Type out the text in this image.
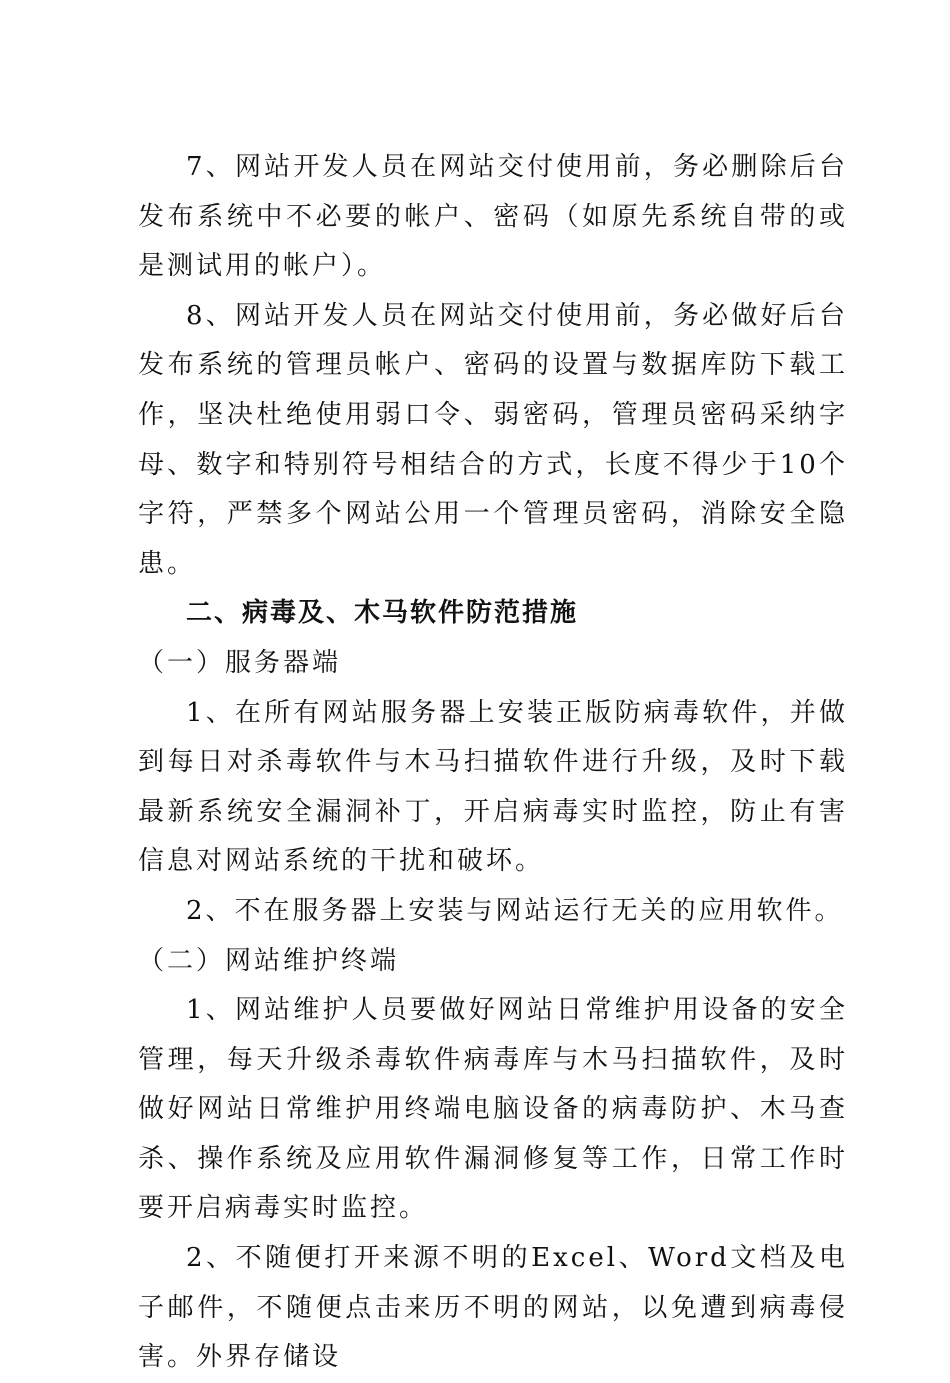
7、网站开发人员在网站交付使用前，务必删除后台发布系统中不必要的帐户、密码（如原先系统自带的或是测试用的帐户）。

8、网站开发人员在网站交付使用前，务必做好后台发布系统的管理员帐户、密码的设置与数据库防下载工作，坚决杜绝使用弱口令、弱密码，管理员密码采纳字母、数字和特别符号相结合的方式，长度不得少于10个字符，严禁多个网站公用一个管理员密码，消除安全隐患。

二、病毒及、木马软件防范措施

（一）服务器端

1、在所有网站服务器上安装正版防病毒软件，并做到每日对杀毒软件与木马扫描软件进行升级，及时下载最新系统安全漏洞补丁，开启病毒实时监控，防止有害信息对网站系统的干扰和破坏。

2、不在服务器上安装与网站运行无关的应用软件。

（二）网站维护终端

1、网站维护人员要做好网站日常维护用设备的安全管理，每天升级杀毒软件病毒库与木马扫描软件，及时做好网站日常维护用终端电脑设备的病毒防护、木马查杀、操作系统及应用软件漏洞修复等工作，日常工作时要开启病毒实时监控。

2、不随便打开来源不明的Excel、Word文档及电子邮件，不随便点击来历不明的网站，以免遭到病毒侵害。外界存储设
